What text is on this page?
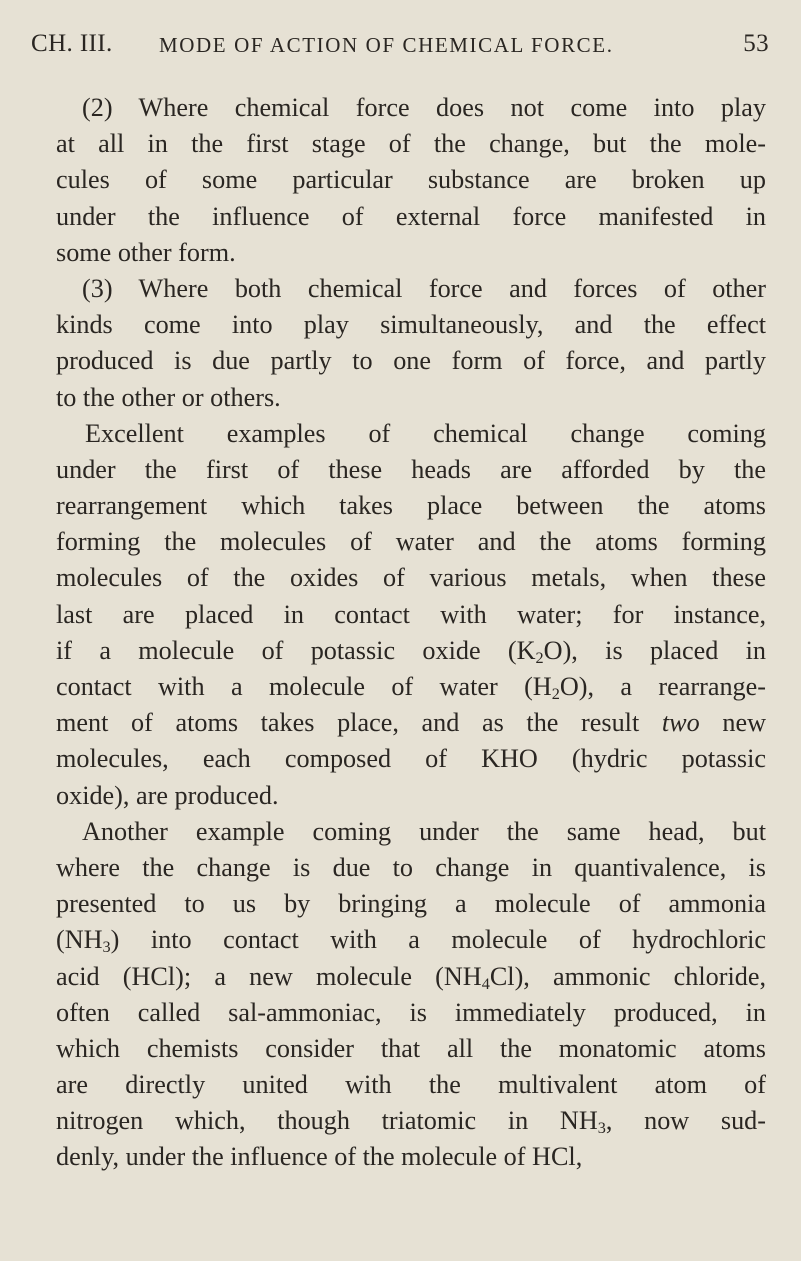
CH. III. MODE OF ACTION OF CHEMICAL FORCE.	53
(2) Where chemical force does not come into play
at all in the first stage of the change, but the mole-
cules of some particular substance are broken up
under the influence of external force manifested in
some other form.
(3) Where both chemical force and forces of other
kinds come into play simultaneously, and the effect
produced is due partly to one form of force, and partly
to the other or others.
Excellent examples of chemical change coming
under the first of these heads are afforded by the
rearrangement which takes place between the atoms
forming the molecules of water and the atoms forming
molecules of the oxides of various metals, when these
last are placed in contact with water; for instance,
if a molecule of potassic oxide $(K_2O)$, is placed in
contact with a molecule of water $(H_2O)$, a rearrange-
ment of atoms takes place, and as the result two new
molecules, each composed of KHO (hydric potassic
oxide), are produced.
Another example coming under the same head, but
where the change is due to change in quantivalence, is
presented to us by bringing a molecule of ammonia
$(NH_3)$ into contact with a molecule of hydrochloric
acid (HCl); a new molecule $(NH_4Cl)$, ammonic chloride,
often called sal-ammoniac, is immediately produced, in
which chemists consider that all the monatomic atoms
are directly united with the multivalent atom of
nitrogen which, though triatomic in $NH_3$, now sud-
denly, under the influence of the molecule of HCl,
